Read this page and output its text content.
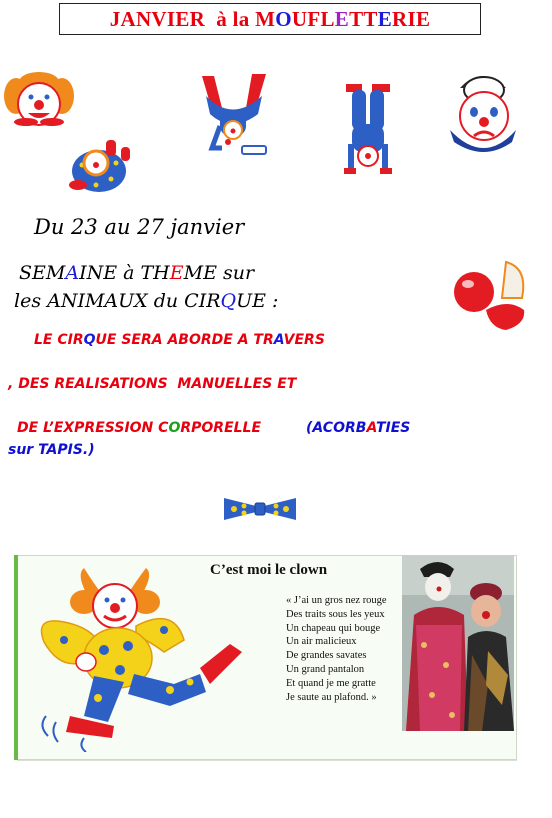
JANVIER  à la MOUFLETTERIE
Du 23 au 27 janvier
SEMAINE à THEME sur
les ANIMAUX du CIRQUE :
LE CIRQUE SERA ABORDE A TRAVERS
, DES REALISATIONS  MANUELLES ET
DE L’EXPRESSION CORPORELLE	(ACORBATIES
sur TAPIS.)
C’est moi le clown
« J’ai un gros nez rouge
Des traits sous les yeux
Un chapeau qui bouge
Un air malicieux
De grandes savates
Un grand pantalon
Et quand je me gratte
Je saute au plafond. »
